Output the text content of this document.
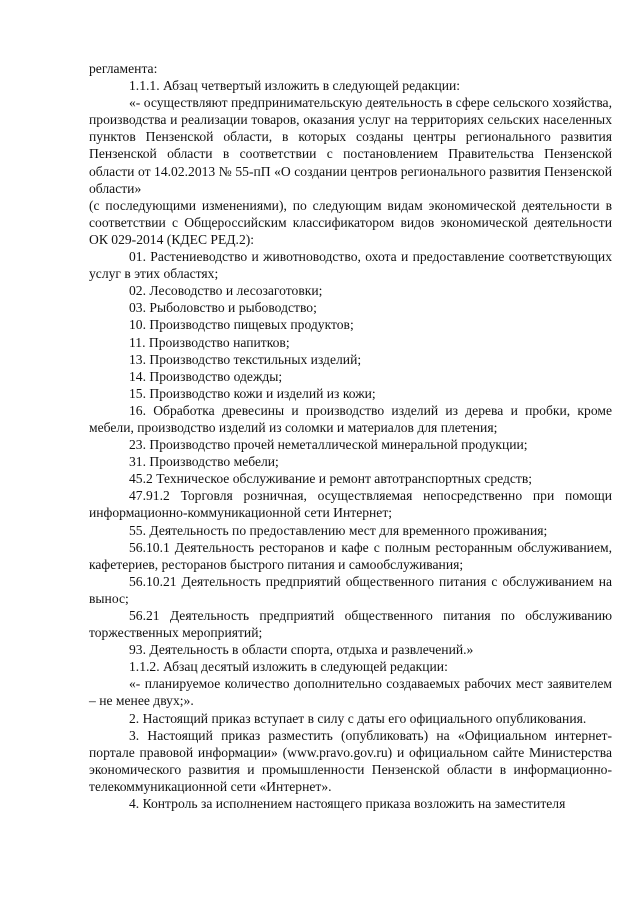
регламента:

1.1.1. Абзац четвертый изложить в следующей редакции:

«- осуществляют предпринимательскую деятельность в сфере сельского хозяйства, производства и реализации товаров, оказания услуг на территориях сельских населенных пунктов Пензенской области, в которых созданы центры регионального развития Пензенской области в соответствии с постановлением Правительства Пензенской области от 14.02.2013 № 55-пП «О создании центров регионального развития Пензенской области»

(с последующими изменениями), по следующим видам экономической деятельности в соответствии с Общероссийским классификатором видов экономической деятельности ОК 029-2014 (КДЕС РЕД.2):

01. Растениеводство и животноводство, охота и предоставление соответствующих услуг в этих областях;

02. Лесоводство и лесозаготовки;

03. Рыболовство и рыбоводство;

10. Производство пищевых продуктов;

11. Производство напитков;

13. Производство текстильных изделий;

14. Производство одежды;

15. Производство кожи и изделий из кожи;

16. Обработка древесины и производство изделий из дерева и пробки, кроме мебели, производство изделий из соломки и материалов для плетения;

23. Производство прочей неметаллической минеральной продукции;

31. Производство мебели;

45.2 Техническое обслуживание и ремонт автотранспортных средств;

47.91.2 Торговля розничная, осуществляемая непосредственно при помощи информационно-коммуникационной сети Интернет;

55. Деятельность по предоставлению мест для временного проживания;

56.10.1 Деятельность ресторанов и кафе с полным ресторанным обслуживанием, кафетериев, ресторанов быстрого питания и самообслуживания;

56.10.21 Деятельность предприятий общественного питания с обслуживанием на вынос;

56.21 Деятельность предприятий общественного питания по обслуживанию торжественных мероприятий;

93. Деятельность в области спорта, отдыха и развлечений.»

1.1.2. Абзац десятый изложить в следующей редакции:

«- планируемое количество дополнительно создаваемых рабочих мест заявителем – не менее двух;».

2. Настоящий приказ вступает в силу с даты его официального опубликования.

3. Настоящий приказ разместить (опубликовать) на «Официальном интернет-портале правовой информации» (www.pravo.gov.ru) и официальном сайте Министерства экономического развития и промышленности Пензенской области в информационно-телекоммуникационной сети «Интернет».

4. Контроль за исполнением настоящего приказа возложить на заместителя
